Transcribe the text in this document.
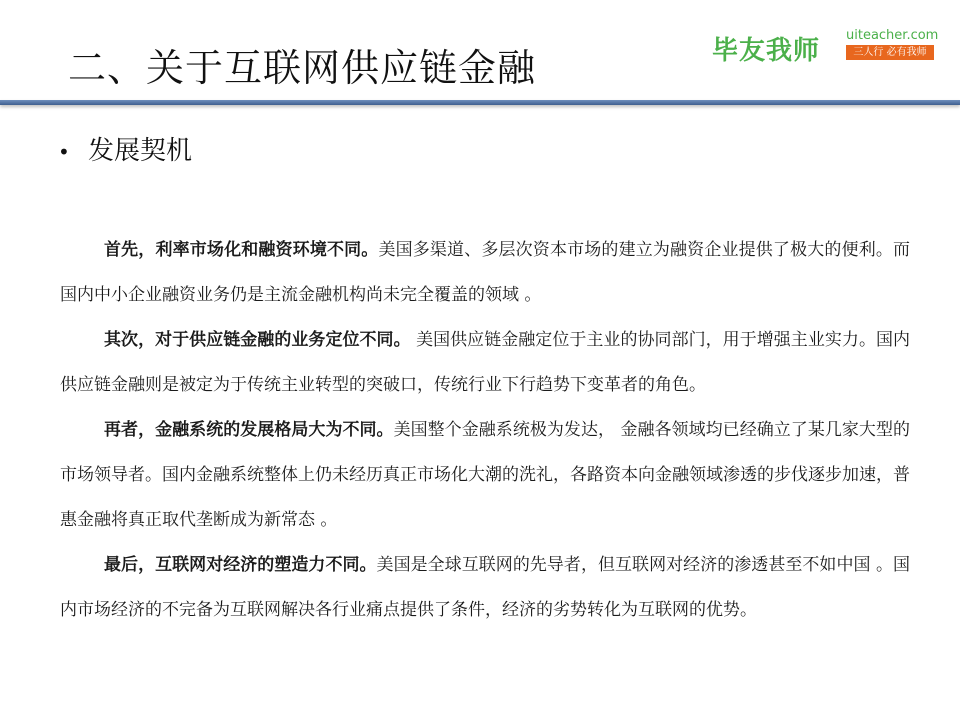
二、关于互联网供应链金融	毕友我师
uiteacher.com
三人行 必有我师
• 发展契机

首先，利率市场化和融资环境不同。美国多渠道、多层次资本市场的建立为融资企业提供了极大的便利。而国内中小企业融资业务仍是主流金融机构尚未完全覆盖的领域 。

其次，对于供应链金融的业务定位不同。 美国供应链金融定位于主业的协同部门，用于增强主业实力。国内供应链金融则是被定为于传统主业转型的突破口，传统行业下行趋势下变革者的角色。

再者，金融系统的发展格局大为不同。美国整个金融系统极为发达， 金融各领域均已经确立了某几家大型的市场领导者。国内金融系统整体上仍未经历真正市场化大潮的洗礼，各路资本向金融领域渗透的步伐逐步加速，普惠金融将真正取代垄断成为新常态 。

最后，互联网对经济的塑造力不同。美国是全球互联网的先导者，但互联网对经济的渗透甚至不如中国 。国内市场经济的不完备为互联网解决各行业痛点提供了条件，经济的劣势转化为互联网的优势。
